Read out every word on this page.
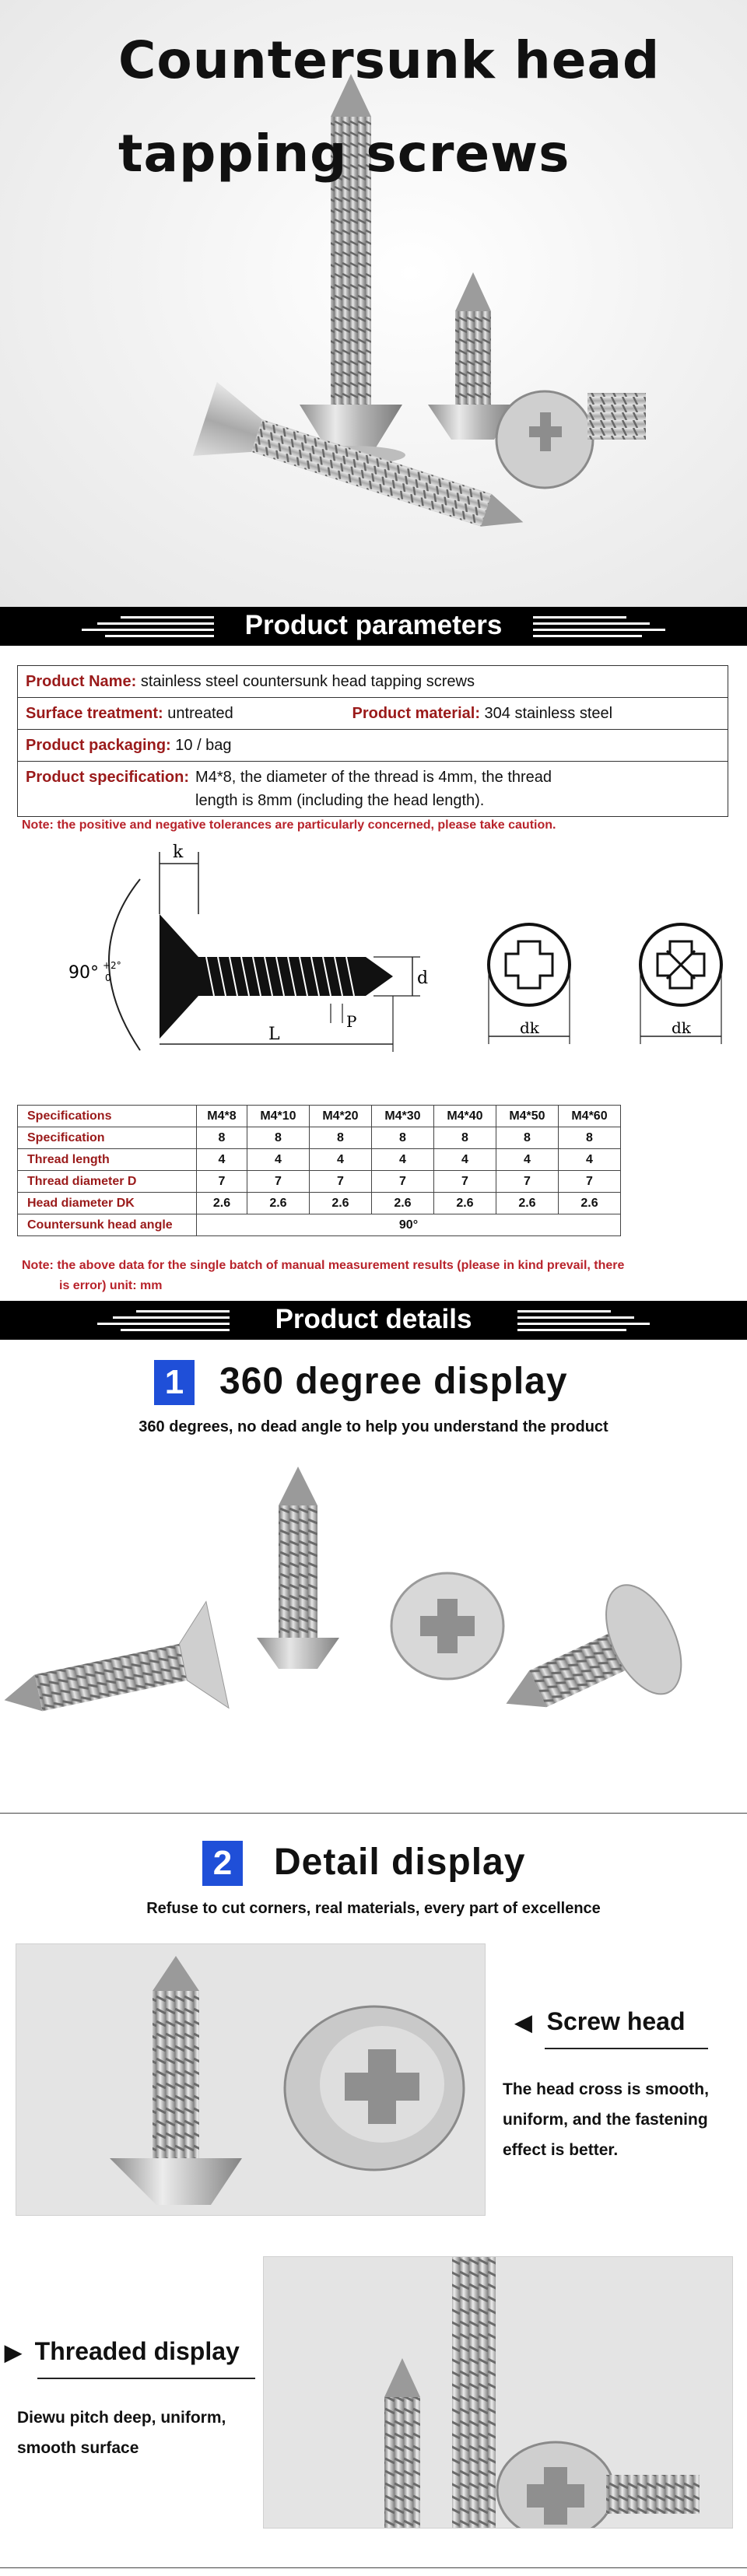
Countersunk head
tapping screws
Product parameters
Product Name: stainless steel countersunk head tapping screws
Surface treatment: untreated	Product material: 304 stainless steel
Product packaging: 10 / bag

Product specification: M4*8, the diameter of the thread is 4mm, the thread
length is 8mm (including the head length).
Note: the positive and negative tolerances are particularly concerned, please take caution.
90° +2°
0
k
d
P
L	dk	dk
Specifications	M4*8	M4*10	M4*20	M4*30	M4*40	M4*50	M4*60
Specification	8	8	8	8	8	8	8
Thread length	4	4	4	4	4	4	4
Thread diameter D	7	7	7	7	7	7	7
Head diameter DK	2.6	2.6	2.6	2.6	2.6	2.6	2.6
Countersunk head angle	90°						
Note: the above data for the single batch of manual measurement results (please in kind prevail, there
is error) unit: mm
Product details
1 360 degree display
360 degrees, no dead angle to help you understand the product
2 Detail display
Refuse to cut corners, real materials, every part of excellence
◀ Screw head
The head cross is smooth,
uniform, and the fastening
effect is better.
▶ Threaded display
Diewu pitch deep, uniform,
smooth surface
